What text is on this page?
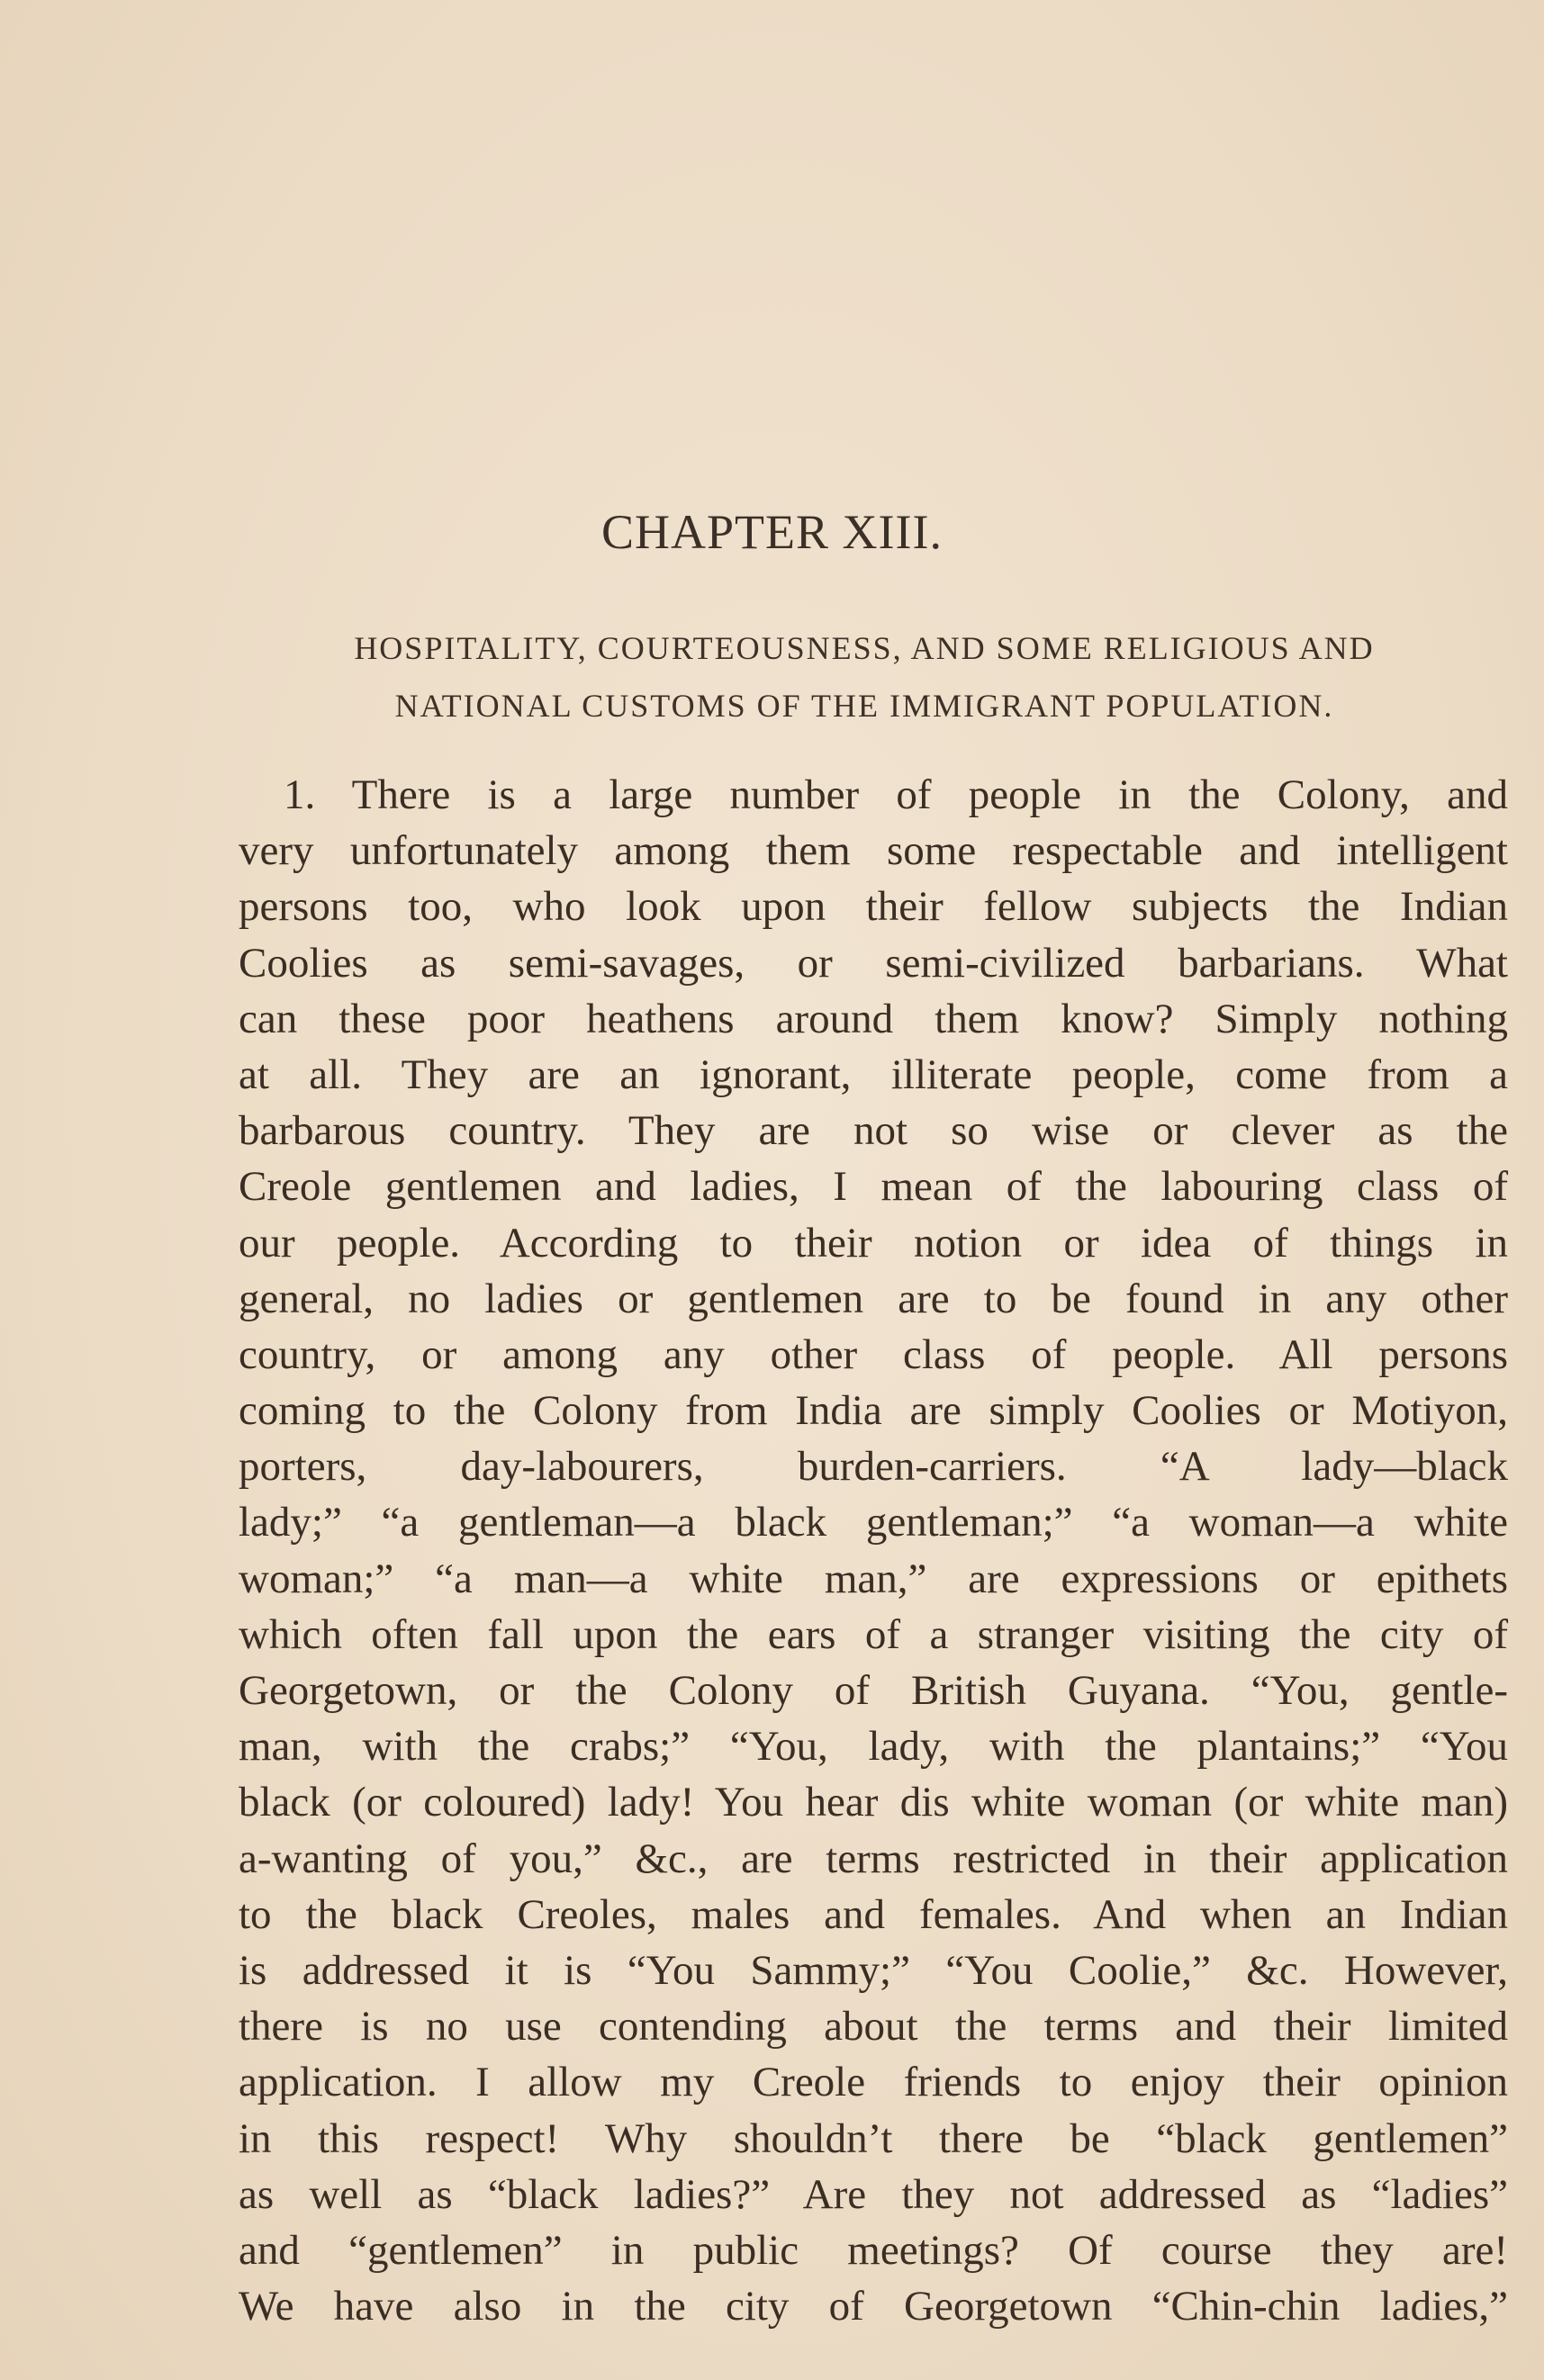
CHAPTER XIII.
HOSPITALITY, COURTEOUSNESS, AND SOME RELIGIOUS AND
NATIONAL CUSTOMS OF THE IMMIGRANT POPULATION.
1. There is a large number of people in the Colony, and
very unfortunately among them some respectable and intelligent
persons too, who look upon their fellow subjects the Indian
Coolies as semi-savages, or semi-civilized barbarians. What
can these poor heathens around them know? Simply nothing
at all. They are an ignorant, illiterate people, come from a
barbarous country. They are not so wise or clever as the
Creole gentlemen and ladies, I mean of the labouring class of
our people. According to their notion or idea of things in
general, no ladies or gentlemen are to be found in any other
country, or among any other class of people. All persons
coming to the Colony from India are simply Coolies or Motiyon,
porters, day-labourers, burden-carriers. “A lady—black
lady;” “a gentleman—a black gentleman;” “a woman—a white
woman;” “a man—a white man,” are expressions or epithets
which often fall upon the ears of a stranger visiting the city of
Georgetown, or the Colony of British Guyana. “You, gentle-
man, with the crabs;” “You, lady, with the plantains;” “You
black (or coloured) lady! You hear dis white woman (or white man)
a-wanting of you,” &c., are terms restricted in their application
to the black Creoles, males and females. And when an Indian
is addressed it is “You Sammy;” “You Coolie,” &c. However,
there is no use contending about the terms and their limited
application. I allow my Creole friends to enjoy their opinion
in this respect! Why shouldn’t there be “black gentlemen”
as well as “black ladies?” Are they not addressed as “ladies”
and “gentlemen” in public meetings? Of course they are!
We have also in the city of Georgetown “Chin-chin ladies,”
